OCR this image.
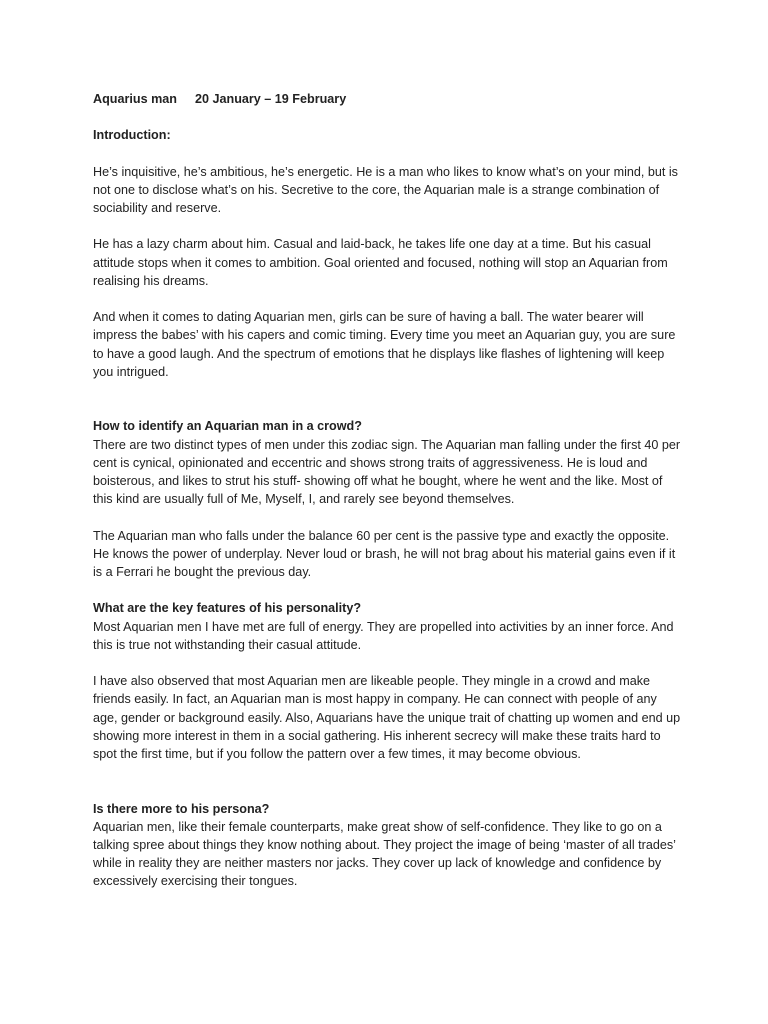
Aquarius man 20 January – 19 February

Introduction:

He’s inquisitive, he’s ambitious, he’s energetic. He is a man who likes to know what’s on your mind, but is not one to disclose what’s on his. Secretive to the core, the Aquarian male is a strange combination of sociability and reserve.

He has a lazy charm about him. Casual and laid-back, he takes life one day at a time. But his casual attitude stops when it comes to ambition. Goal oriented and focused, nothing will stop an Aquarian from realising his dreams.

And when it comes to dating Aquarian men, girls can be sure of having a ball. The water bearer will impress the babes’ with his capers and comic timing. Every time you meet an Aquarian guy, you are sure to have a good laugh. And the spectrum of emotions that he displays like flashes of lightening will keep you intrigued.

How to identify an Aquarian man in a crowd?

There are two distinct types of men under this zodiac sign. The Aquarian man falling under the first 40 per cent is cynical, opinionated and eccentric and shows strong traits of aggressiveness. He is loud and boisterous, and likes to strut his stuff- showing off what he bought, where he went and the like. Most of this kind are usually full of Me, Myself, I, and rarely see beyond themselves.

The Aquarian man who falls under the balance 60 per cent is the passive type and exactly the opposite. He knows the power of underplay. Never loud or brash, he will not brag about his material gains even if it is a Ferrari he bought the previous day.

What are the key features of his personality?

Most Aquarian men I have met are full of energy. They are propelled into activities by an inner force. And this is true not withstanding their casual attitude.

I have also observed that most Aquarian men are likeable people. They mingle in a crowd and make friends easily. In fact, an Aquarian man is most happy in company. He can connect with people of any age, gender or background easily. Also, Aquarians have the unique trait of chatting up women and end up showing more interest in them in a social gathering. His inherent secrecy will make these traits hard to spot the first time, but if you follow the pattern over a few times, it may become obvious.

Is there more to his persona?

Aquarian men, like their female counterparts, make great show of self-confidence. They like to go on a talking spree about things they know nothing about. They project the image of being ‘master of all trades’ while in reality they are neither masters nor jacks. They cover up lack of knowledge and confidence by excessively exercising their tongues.
